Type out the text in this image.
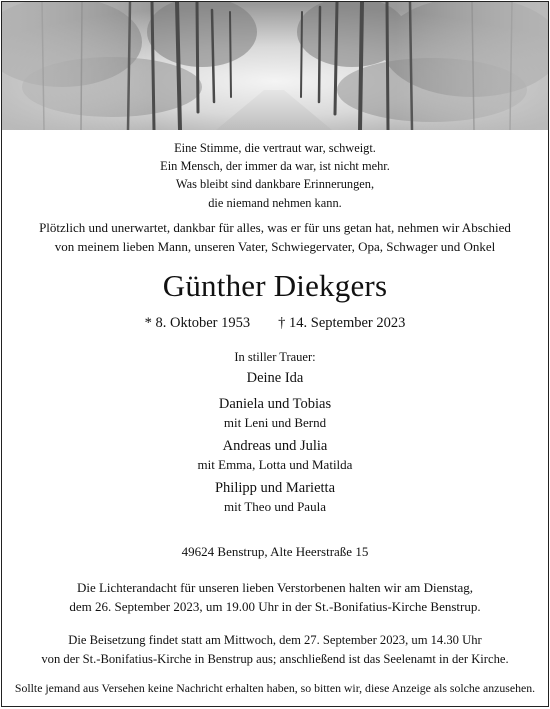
Eine Stimme, die vertraut war, schweigt.
Ein Mensch, der immer da war, ist nicht mehr.
Was bleibt sind dankbare Erinnerungen,
die niemand nehmen kann.
Plötzlich und unerwartet, dankbar für alles, was er für uns getan hat, nehmen wir Abschied
von meinem lieben Mann, unseren Vater, Schwiegervater, Opa, Schwager und Onkel
Günther Diekgers
* 8. Oktober 1953 † 14. September 2023
In stiller Trauer:
Deine Ida
Daniela und Tobias
mit Leni und Bernd
Andreas und Julia
mit Emma, Lotta und Matilda
Philipp und Marietta
mit Theo und Paula
49624 Benstrup, Alte Heerstraße 15
Die Lichterandacht für unseren lieben Verstorbenen halten wir am Dienstag,
dem 26. September 2023, um 19.00 Uhr in der St.-Bonifatius-Kirche Benstrup.
Die Beisetzung findet statt am Mittwoch, dem 27. September 2023, um 14.30 Uhr
von der St.-Bonifatius-Kirche in Benstrup aus; anschließend ist das Seelenamt in der Kirche.
Sollte jemand aus Versehen keine Nachricht erhalten haben, so bitten wir, diese Anzeige als solche anzusehen.
